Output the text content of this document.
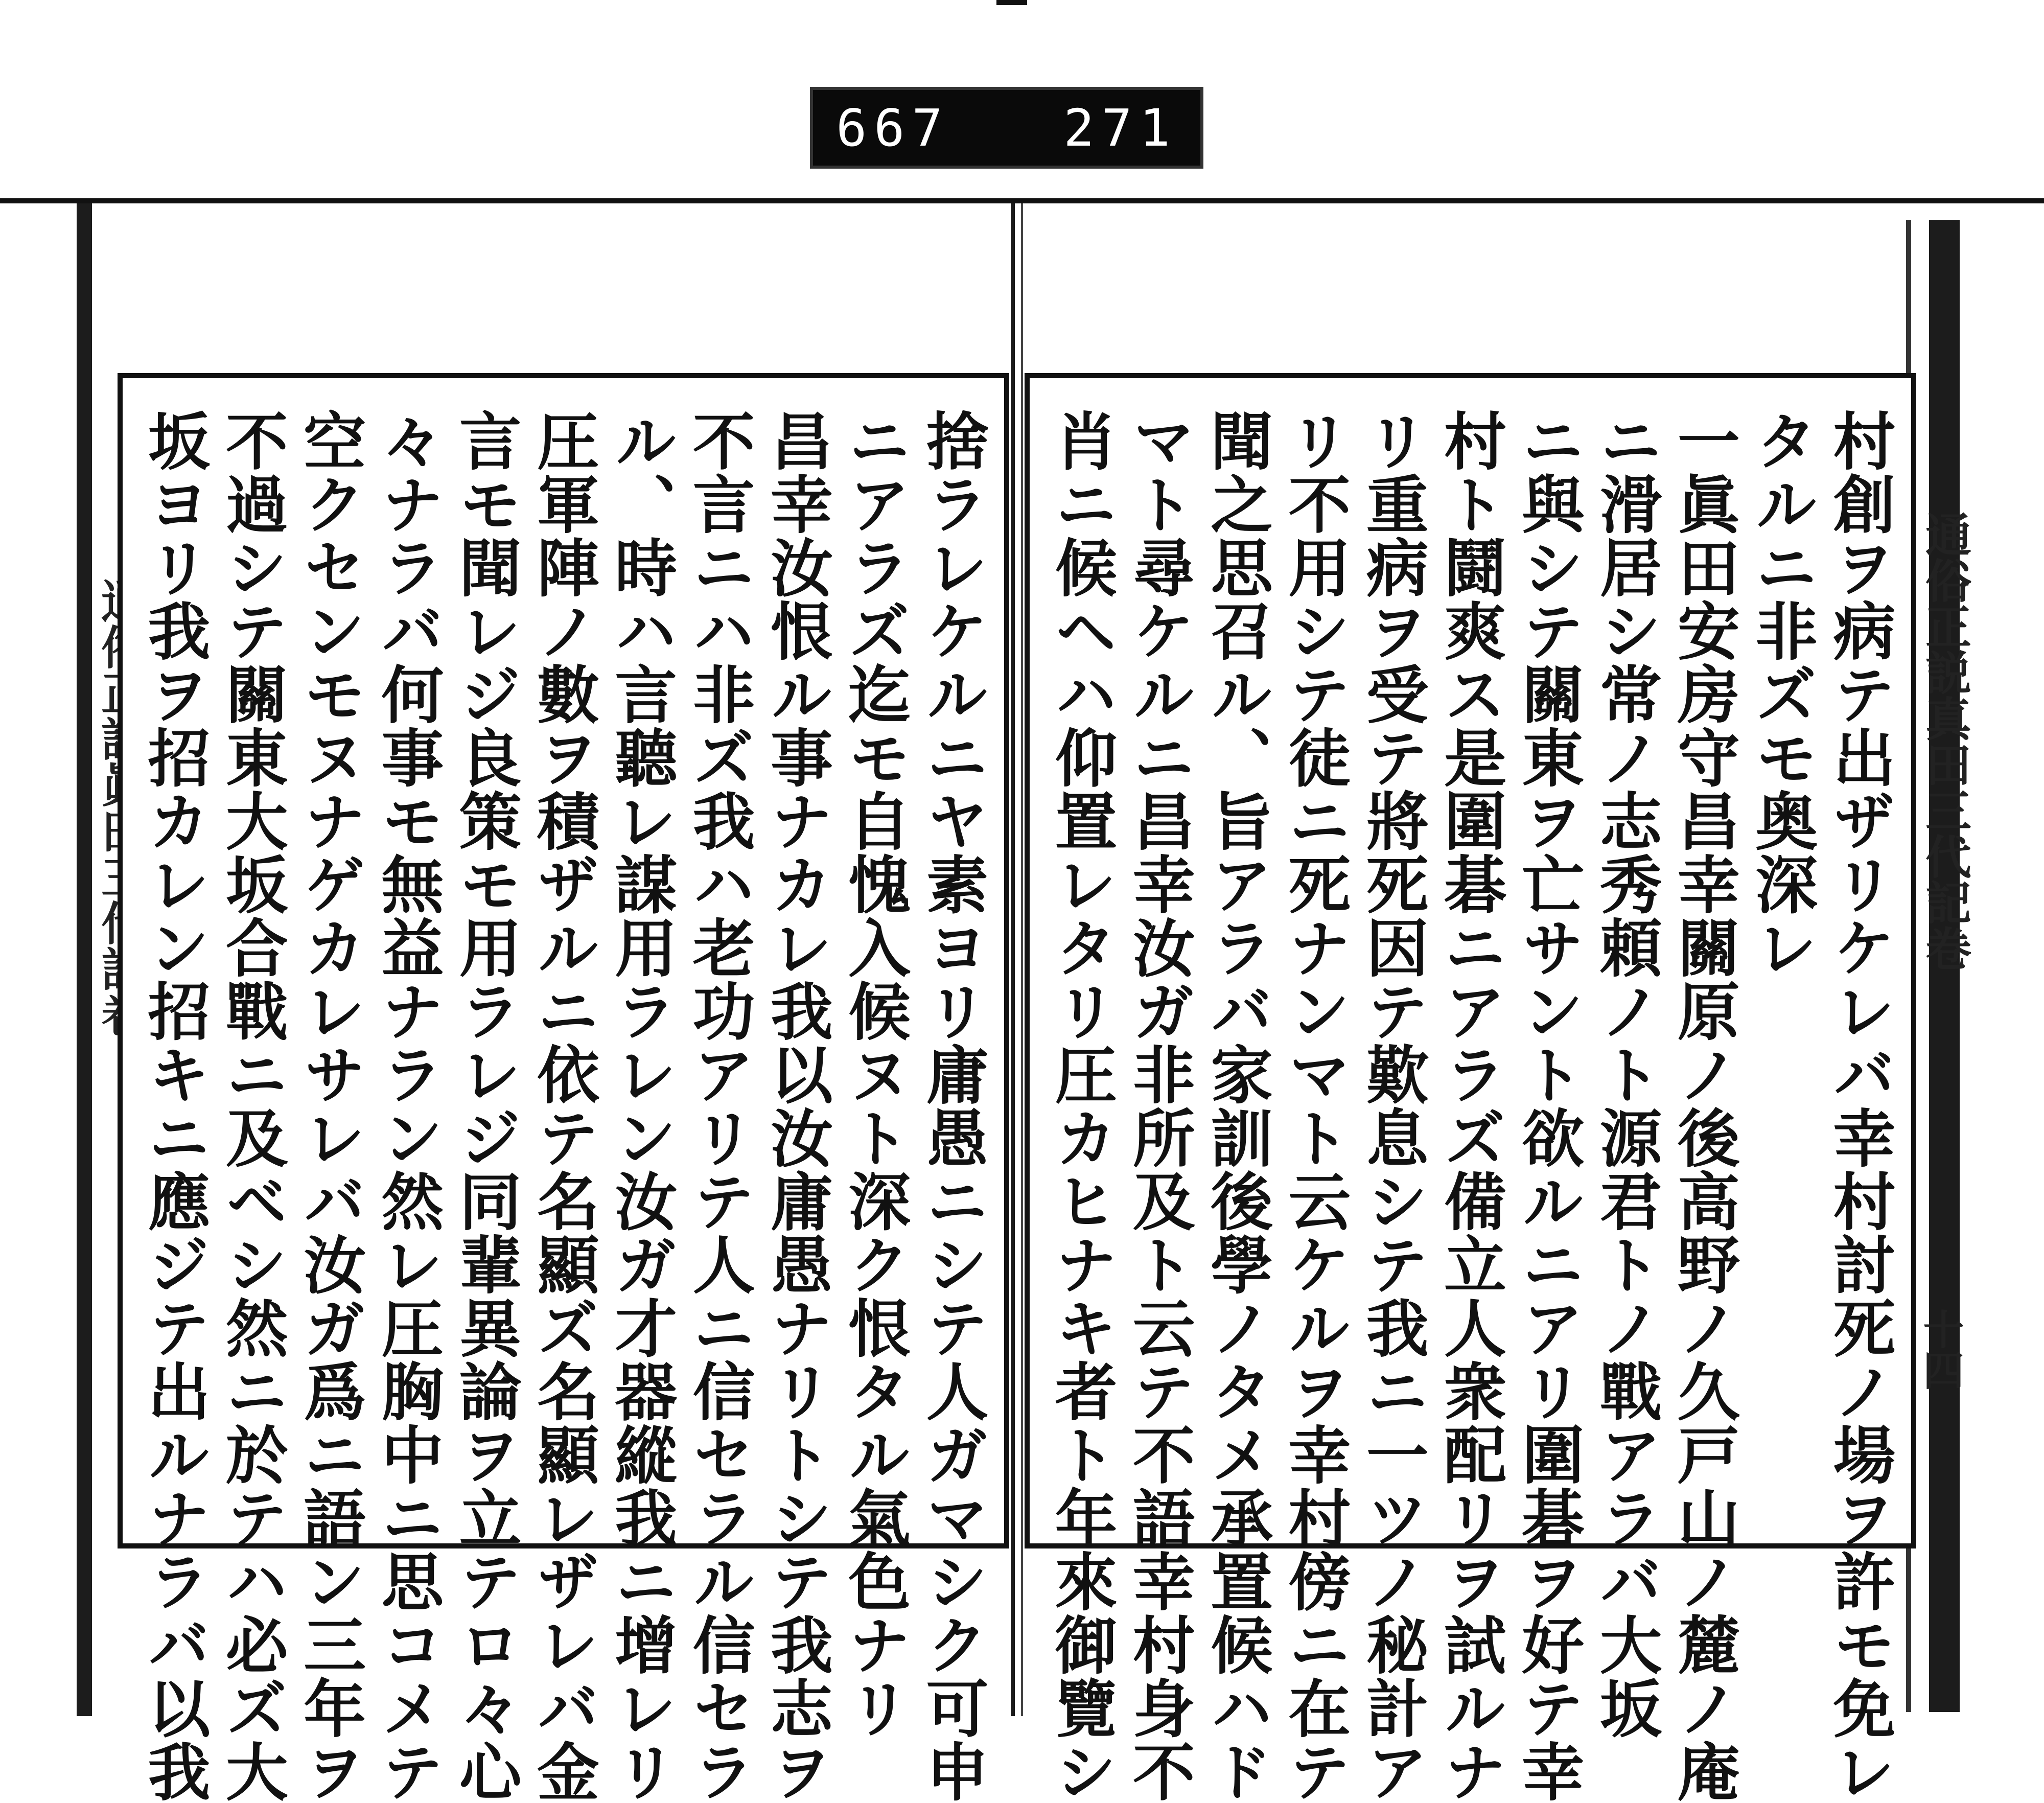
667   271
捨ラレケルニヤ素ヨリ庸愚ニシテ人ガマシク可申
ニアラズ迄モ自愧入候ヌト深ク恨タル氣色ナリ
昌幸汝恨ル事ナカレ我以汝庸愚ナリトシテ我志ヲ
不言ニハ非ズ我ハ老功アリテ人ニ信セラル信セラ
ル、時ハ言聽レ謀用ラレン汝ガ才器縱我ニ增レリ
圧軍陣ノ數ヲ積ザルニ依テ名顯ズ名顯レザレバ金
言モ聞レジ良策モ用ラレジ同輩異論ヲ立テロ々心
々ナラバ何事モ無益ナラン然レ圧胸中ニ思コメテ
空クセンモヌナゲカレサレバ汝ガ爲ニ語ン三年ヲ
不過シテ關東大坂合戰ニ及ベシ然ニ於テハ必ズ大
坂ヨリ我ヲ招カレン招キニ應ジテ出ルナラバ以我	村創ヲ病テ出ザリケレバ幸村討死ノ場ヲ許モ免レ
タルニ非ズモ奥深レ
一眞田安房守昌幸關原ノ後高野ノ久戸山ノ麓ノ庵
ニ滑居シ常ノ志秀頼ノト源君トノ戰アラバ大坂
ニ與シテ關東ヲ亡サント欲ルニアリ圍碁ヲ好テ幸
村ト鬪爽ス是圍碁ニアラズ備立人衆配リヲ試ルナ
リ重病ヲ受テ將死因テ歎息シテ我ニ一ツノ秘計ア
リ不用シテ徒ニ死ナンマト云ケルヲ幸村傍ニ在テ
聞之思召ル、旨アラバ家訓後學ノタメ承置候ハド
マト尋ケルニ昌幸汝ガ非所及ト云テ不語幸村身不
肖ニ候ヘハ仰置レタリ圧カヒナキ者ト年來御覽シ	通俗正説真田三代記卷
十四
